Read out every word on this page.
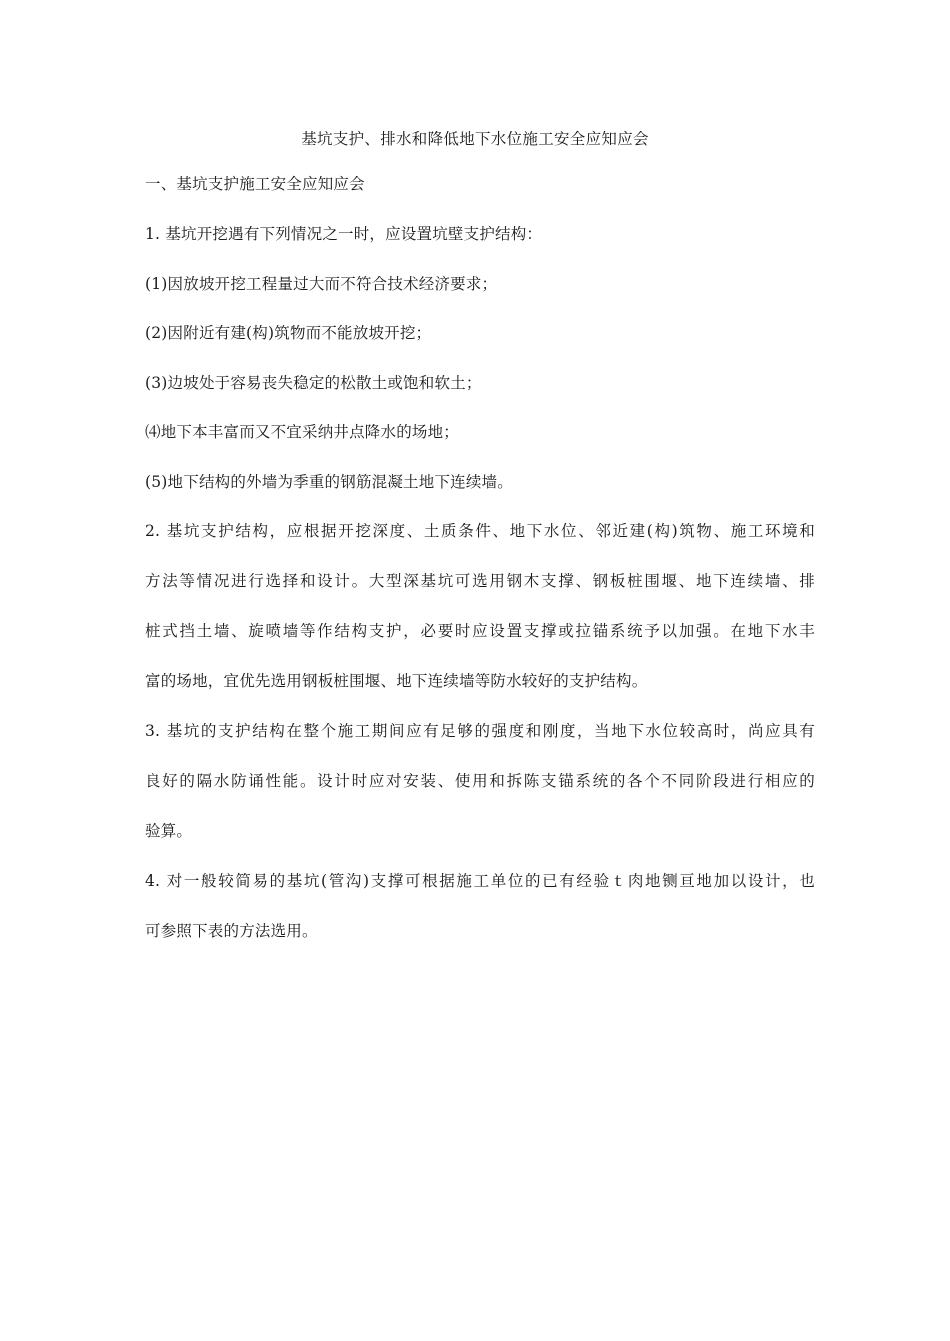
基坑支护、排水和降低地下水位施工安全应知应会
一、基坑支护施工安全应知应会
1. 基坑开挖遇有下列情况之一时，应设置坑壁支护结构：
(1)因放坡开挖工程量过大而不符合技术经济要求；
(2)因附近有建(构)筑物而不能放坡开挖；
(3)边坡处于容易丧失稳定的松散土或饱和软土；
⑷地下本丰富而又不宜采纳井点降水的场地；
(5)地下结构的外墙为季重的钢筋混凝土地下连续墙。
2. 基坑支护结构，应根据开挖深度、土质条件、地下水位、邻近建(构)筑物、施工环境和
方法等情况进行选择和设计。大型深基坑可选用钢木支撑、钢板桩围堰、地下连续墙、排
桩式挡土墙、旋喷墙等作结构支护，必要时应设置支撑或拉锚系统予以加强。在地下水丰
富的场地，宜优先选用钢板桩围堰、地下连续墙等防水较好的支护结构。
3. 基坑的支护结构在整个施工期间应有足够的强度和刚度，当地下水位较高时，尚应具有
良好的隔水防诵性能。设计时应对安装、使用和拆陈支锚系统的各个不同阶段进行相应的
验算。
4. 对一般较简易的基坑(管沟)支撑可根据施工单位的已有经验ｔ肉地铡亘地加以设计，也
可参照下表的方法选用。
